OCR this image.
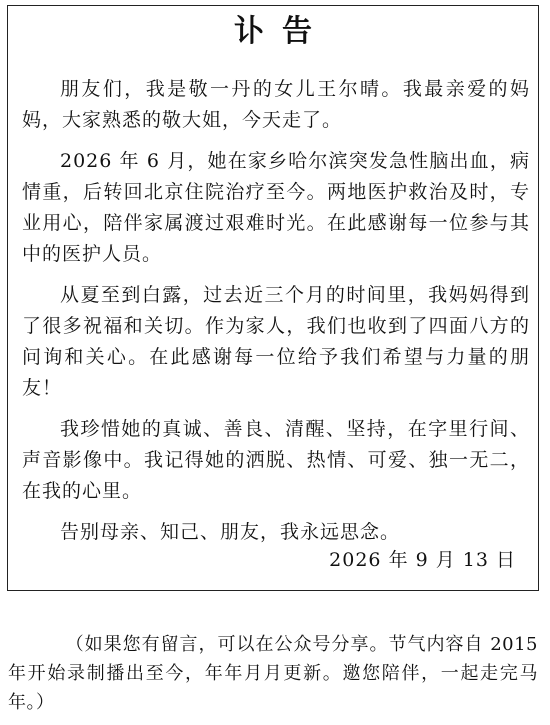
讣告

朋友们，我是敬一丹的女儿王尔晴。我最亲爱的妈妈，大家熟悉的敬大姐，今天走了。

2026 年 6 月，她在家乡哈尔滨突发急性脑出血，病情重，后转回北京住院治疗至今。两地医护救治及时，专业用心，陪伴家属渡过艰难时光。在此感谢每一位参与其中的医护人员。

从夏至到白露，过去近三个月的时间里，我妈妈得到了很多祝福和关切。作为家人，我们也收到了四面八方的问询和关心。在此感谢每一位给予我们希望与力量的朋友！

我珍惜她的真诚、善良、清醒、坚持，在字里行间、声音影像中。我记得她的洒脱、热情、可爱、独一无二，在我的心里。

告别母亲、知己、朋友，我永远思念。

2026 年 9 月 13 日
（如果您有留言，可以在公众号分享。节气内容自 2015 年开始录制播出至今，年年月月更新。邀您陪伴，一起走完马年。）
